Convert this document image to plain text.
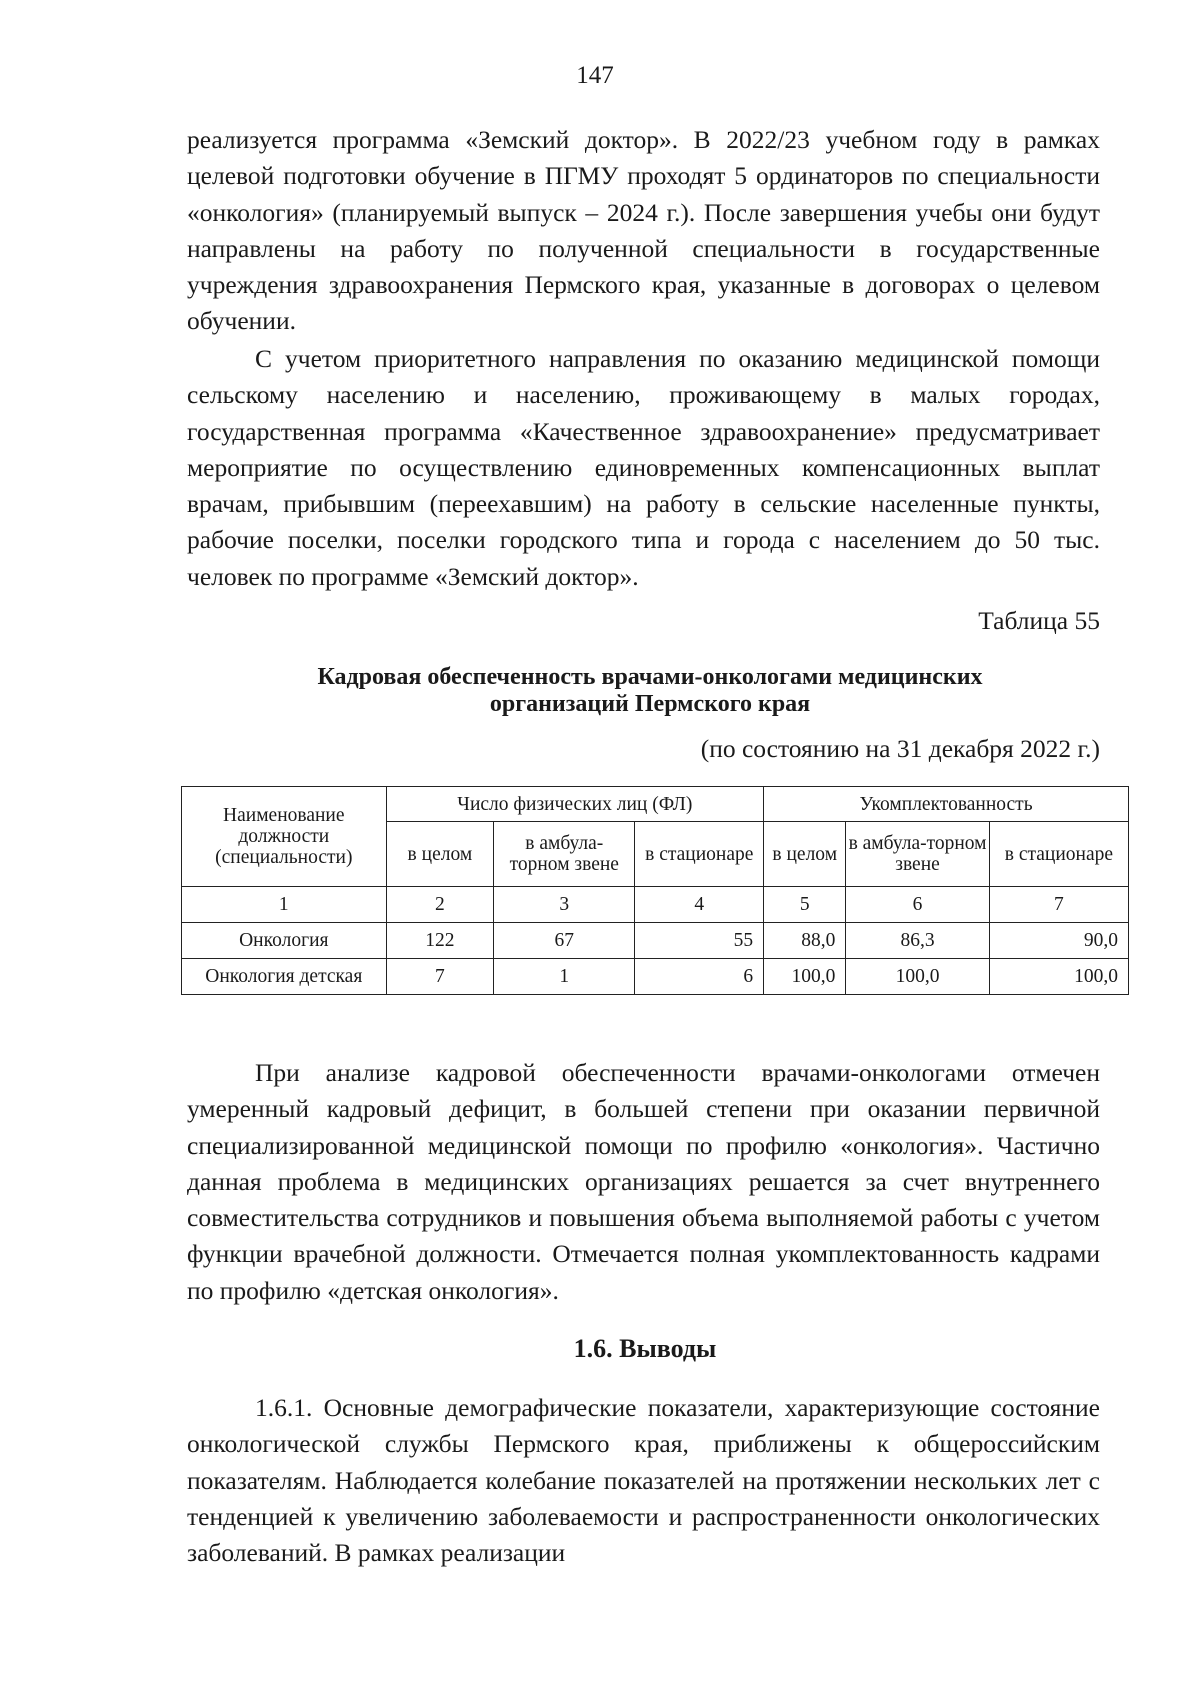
147

реализуется программа «Земский доктор». В 2022/23 учебном году в рамках целевой подготовки обучение в ПГМУ проходят 5 ординаторов по специальности «онкология» (планируемый выпуск – 2024 г.). После завершения учебы они будут направлены на работу по полученной специальности в государственные учреждения здравоохранения Пермского края, указанные в договорах о целевом обучении.

С учетом приоритетного направления по оказанию медицинской помощи сельскому населению и населению, проживающему в малых городах, государственная программа «Качественное здравоохранение» предусматривает мероприятие по осуществлению единовременных компенсационных выплат врачам, прибывшим (переехавшим) на работу в сельские населенные пункты, рабочие поселки, поселки городского типа и города с населением до 50 тыс. человек по программе «Земский доктор».

Таблица 55
Кадровая обеспеченность врачами-онкологами медицинских
организаций Пермского края
(по состоянию на 31 декабря 2022 г.)
Наименование должности (специальности)	Число физических лиц (ФЛ)			Укомплектованность		
	в целом	в амбула-торном звене	в стационаре	в целом	в амбула-торном звене	в стационаре
1	2	3	4	5	6	7
Онкология	122	67	55	88,0	86,3	90,0
Онкология детская	7	1	6	100,0	100,0	100,0

При анализе кадровой обеспеченности врачами-онкологами отмечен умеренный кадровый дефицит, в большей степени при оказании первичной специализированной медицинской помощи по профилю «онкология». Частично данная проблема в медицинских организациях решается за счет внутреннего совместительства сотрудников и повышения объема выполняемой работы с учетом функции врачебной должности. Отмечается полная укомплектованность кадрами по профилю «детская онкология».

1.6. Выводы

1.6.1. Основные демографические показатели, характеризующие состояние онкологической службы Пермского края, приближены к общероссийским показателям. Наблюдается колебание показателей на протяжении нескольких лет с тенденцией к увеличению заболеваемости и распространенности онкологических заболеваний. В рамках реализации
